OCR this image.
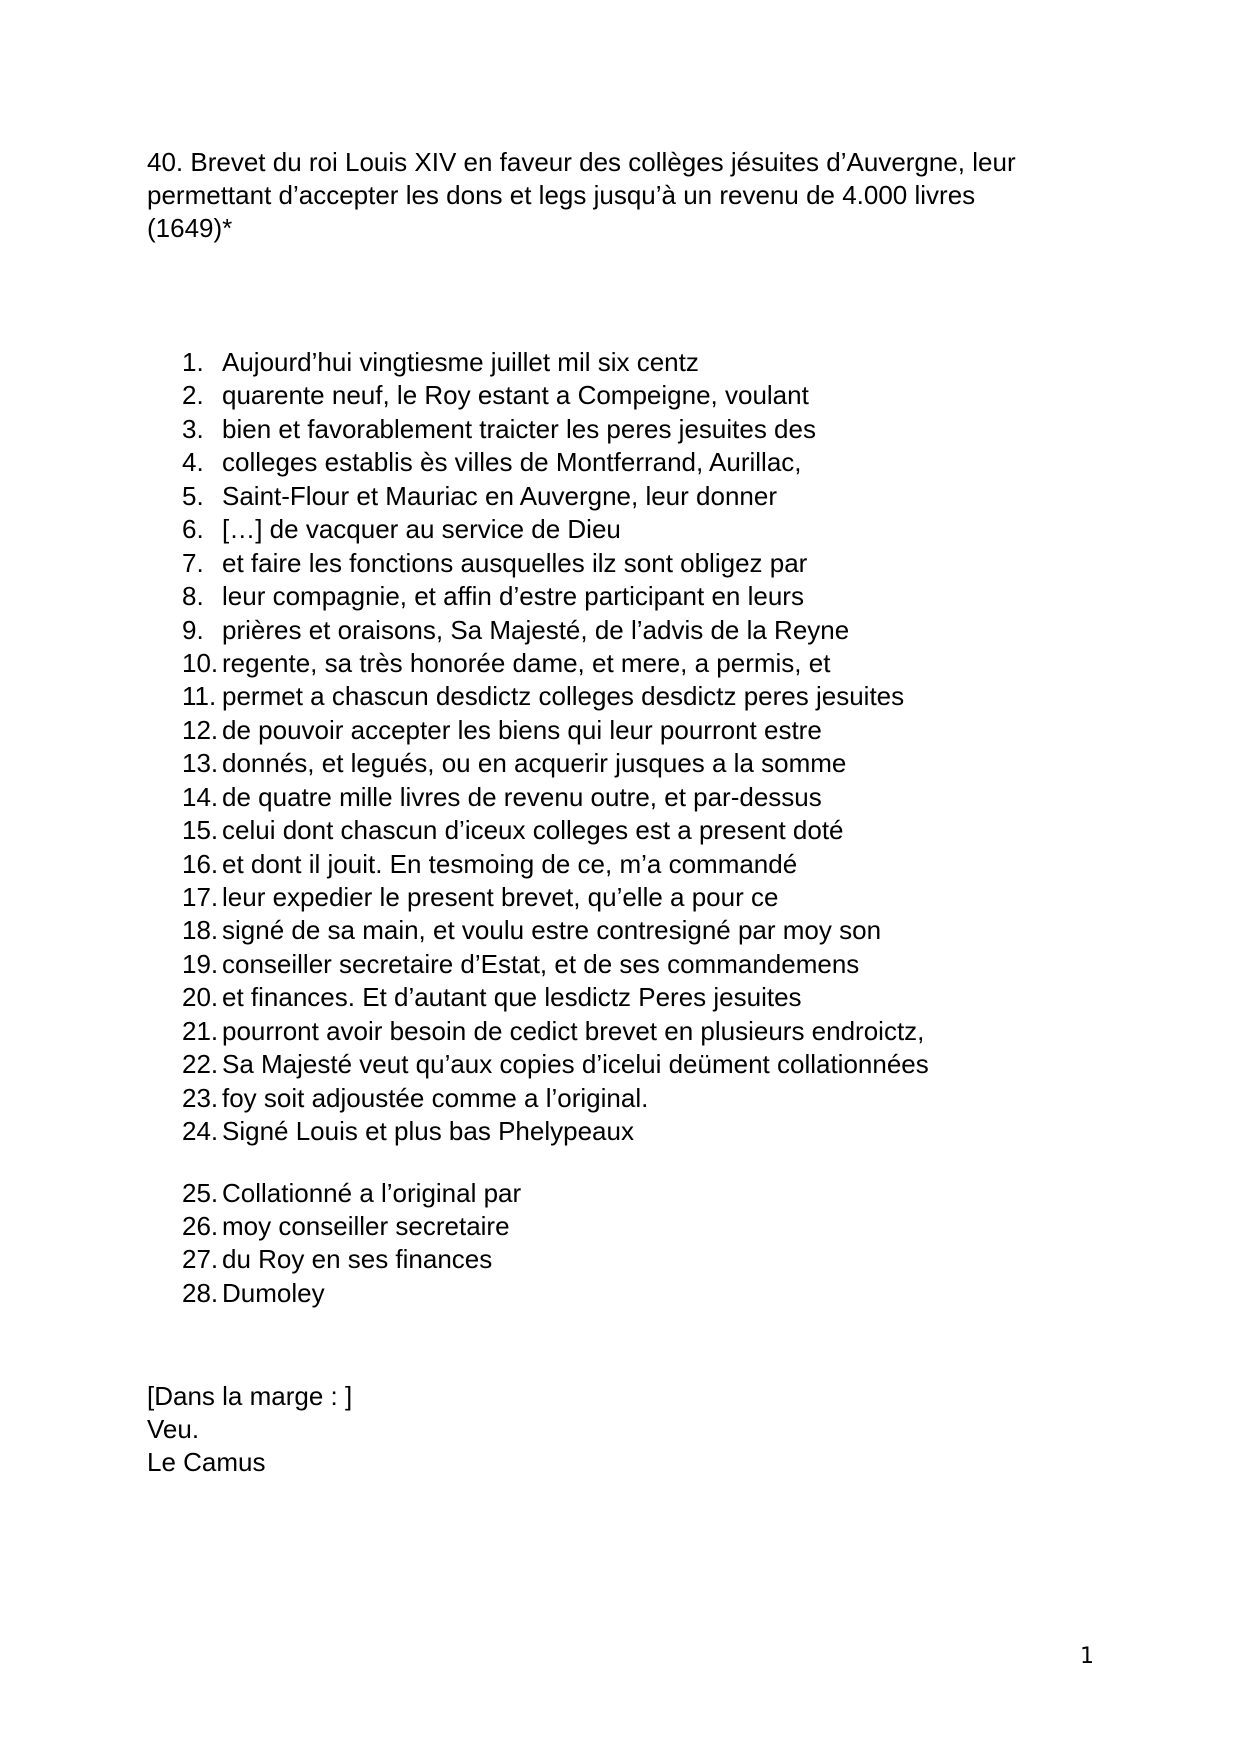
40. Brevet du roi Louis XIV en faveur des collèges jésuites d’Auvergne, leur
permettant d’accepter les dons et legs jusqu’à un revenu de 4.000 livres
(1649)*
1. Aujourd’hui vingtiesme juillet mil six centz
2. quarente neuf, le Roy estant a Compeigne, voulant
3. bien et favorablement traicter les peres jesuites des
4. colleges establis ès villes de Montferrand, Aurillac,
5. Saint-Flour et Mauriac en Auvergne, leur donner
6. […] de vacquer au service de Dieu
7. et faire les fonctions ausquelles ilz sont obligez par
8. leur compagnie, et affin d’estre participant en leurs
9. prières et oraisons, Sa Majesté, de l’advis de la Reyne
10. regente, sa très honorée dame, et mere, a permis, et
11. permet a chascun desdictz colleges desdictz peres jesuites
12. de pouvoir accepter les biens qui leur pourront estre
13. donnés, et legués, ou en acquerir jusques a la somme
14. de quatre mille livres de revenu outre, et par-dessus
15. celui dont chascun d’iceux colleges est a present doté
16. et dont il jouit. En tesmoing de ce, m’a commandé
17. leur expedier le present brevet, qu’elle a pour ce
18. signé de sa main, et voulu estre contresigné par moy son
19. conseiller secretaire d’Estat, et de ses commandemens
20. et finances. Et d’autant que lesdictz Peres jesuites
21. pourront avoir besoin de cedict brevet en plusieurs endroictz,
22. Sa Majesté veut qu’aux copies d’icelui deüment collationnées
23. foy soit adjoustée comme a l’original.
24. Signé Louis et plus bas Phelypeaux
25. Collationné a l’original par
26. moy conseiller secretaire
27. du Roy en ses finances
28. Dumoley
[Dans la marge : ]
Veu.
Le Camus
1
